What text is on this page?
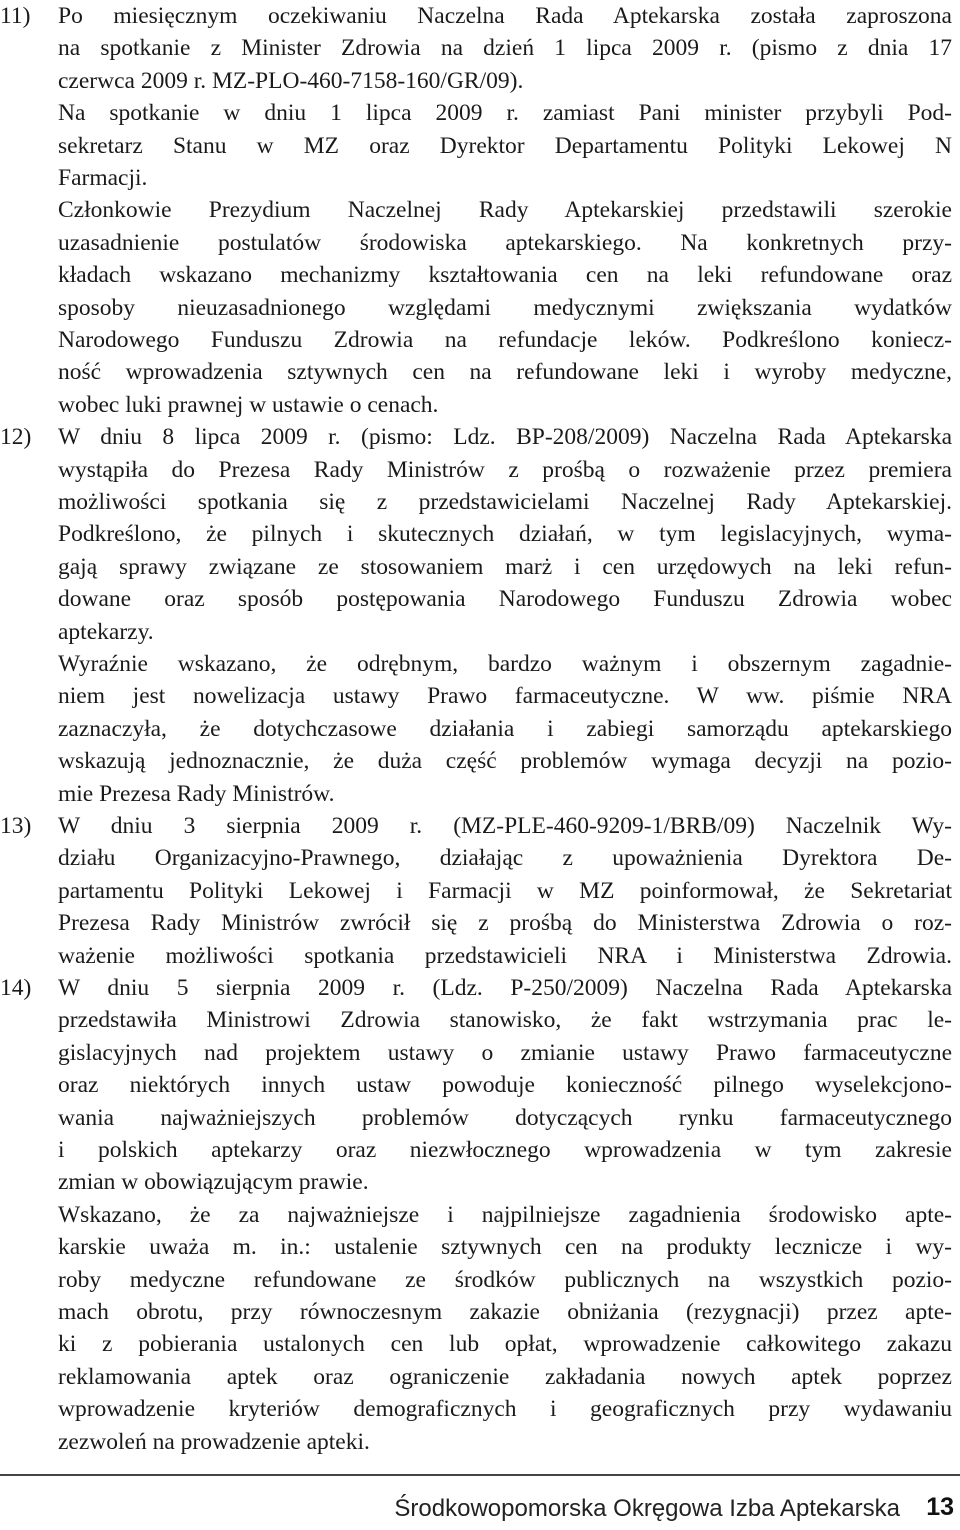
11) Po miesięcznym oczekiwaniu Naczelna Rada Aptekarska została zaproszona
na spotkanie z Minister Zdrowia na dzień 1 lipca 2009 r. (pismo z dnia 17
czerwca 2009 r. MZ-PLO-460-7158-160/GR/09).
Na spotkanie w dniu 1 lipca 2009 r. zamiast Pani minister przybyli Pod-
sekretarz Stanu w MZ oraz Dyrektor Departamentu Polityki Lekowej N
Farmacji.
Członkowie Prezydium Naczelnej Rady Aptekarskiej przedstawili szerokie
uzasadnienie postulatów środowiska aptekarskiego. Na konkretnych przy-
kładach wskazano mechanizmy kształtowania cen na leki refundowane oraz
sposoby nieuzasadnionego względami medycznymi zwiększania wydatków
Narodowego Funduszu Zdrowia na refundacje leków. Podkreślono koniecz-
ność wprowadzenia sztywnych cen na refundowane leki i wyroby medyczne,
wobec luki prawnej w ustawie o cenach.
12) W dniu 8 lipca 2009 r. (pismo: Ldz. BP-208/2009) Naczelna Rada Aptekarska
wystąpiła do Prezesa Rady Ministrów z prośbą o rozważenie przez premiera
możliwości spotkania się z przedstawicielami Naczelnej Rady Aptekarskiej.
Podkreślono, że pilnych i skutecznych działań, w tym legislacyjnych, wyma-
gają sprawy związane ze stosowaniem marż i cen urzędowych na leki refun-
dowane oraz sposób postępowania Narodowego Funduszu Zdrowia wobec
aptekarzy.
Wyraźnie wskazano, że odrębnym, bardzo ważnym i obszernym zagadnie-
niem jest nowelizacja ustawy Prawo farmaceutyczne. W ww. piśmie NRA
zaznaczyła, że dotychczasowe działania i zabiegi samorządu aptekarskiego
wskazują jednoznacznie, że duża część problemów wymaga decyzji na pozio-
mie Prezesa Rady Ministrów.
13) W dniu 3 sierpnia 2009 r. (MZ-PLE-460-9209-1/BRB/09) Naczelnik Wy-
działu Organizacyjno-Prawnego, działając z upoważnienia Dyrektora De-
partamentu Polityki Lekowej i Farmacji w MZ poinformował, że Sekretariat
Prezesa Rady Ministrów zwrócił się z prośbą do Ministerstwa Zdrowia o roz-
ważenie możliwości spotkania przedstawicieli NRA i Ministerstwa Zdrowia.
14) W dniu 5 sierpnia 2009 r. (Ldz. P-250/2009) Naczelna Rada Aptekarska
przedstawiła Ministrowi Zdrowia stanowisko, że fakt wstrzymania prac le-
gislacyjnych nad projektem ustawy o zmianie ustawy Prawo farmaceutyczne
oraz niektórych innych ustaw powoduje konieczność pilnego wyselekcjono-
wania najważniejszych problemów dotyczących rynku farmaceutycznego
i polskich aptekarzy oraz niezwłocznego wprowadzenia w tym zakresie
zmian w obowiązującym prawie.
Wskazano, że za najważniejsze i najpilniejsze zagadnienia środowisko apte-
karskie uważa m. in.: ustalenie sztywnych cen na produkty lecznicze i wy-
roby medyczne refundowane ze środków publicznych na wszystkich pozio-
mach obrotu, przy równoczesnym zakazie obniżania (rezygnacji) przez apte-
ki z pobierania ustalonych cen lub opłat, wprowadzenie całkowitego zakazu
reklamowania aptek oraz ograniczenie zakładania nowych aptek poprzez
wprowadzenie kryteriów demograficznych i geograficznych przy wydawaniu
zezwoleń na prowadzenie apteki.
Środkowopomorska Okręgowa Izba Aptekarska 13
